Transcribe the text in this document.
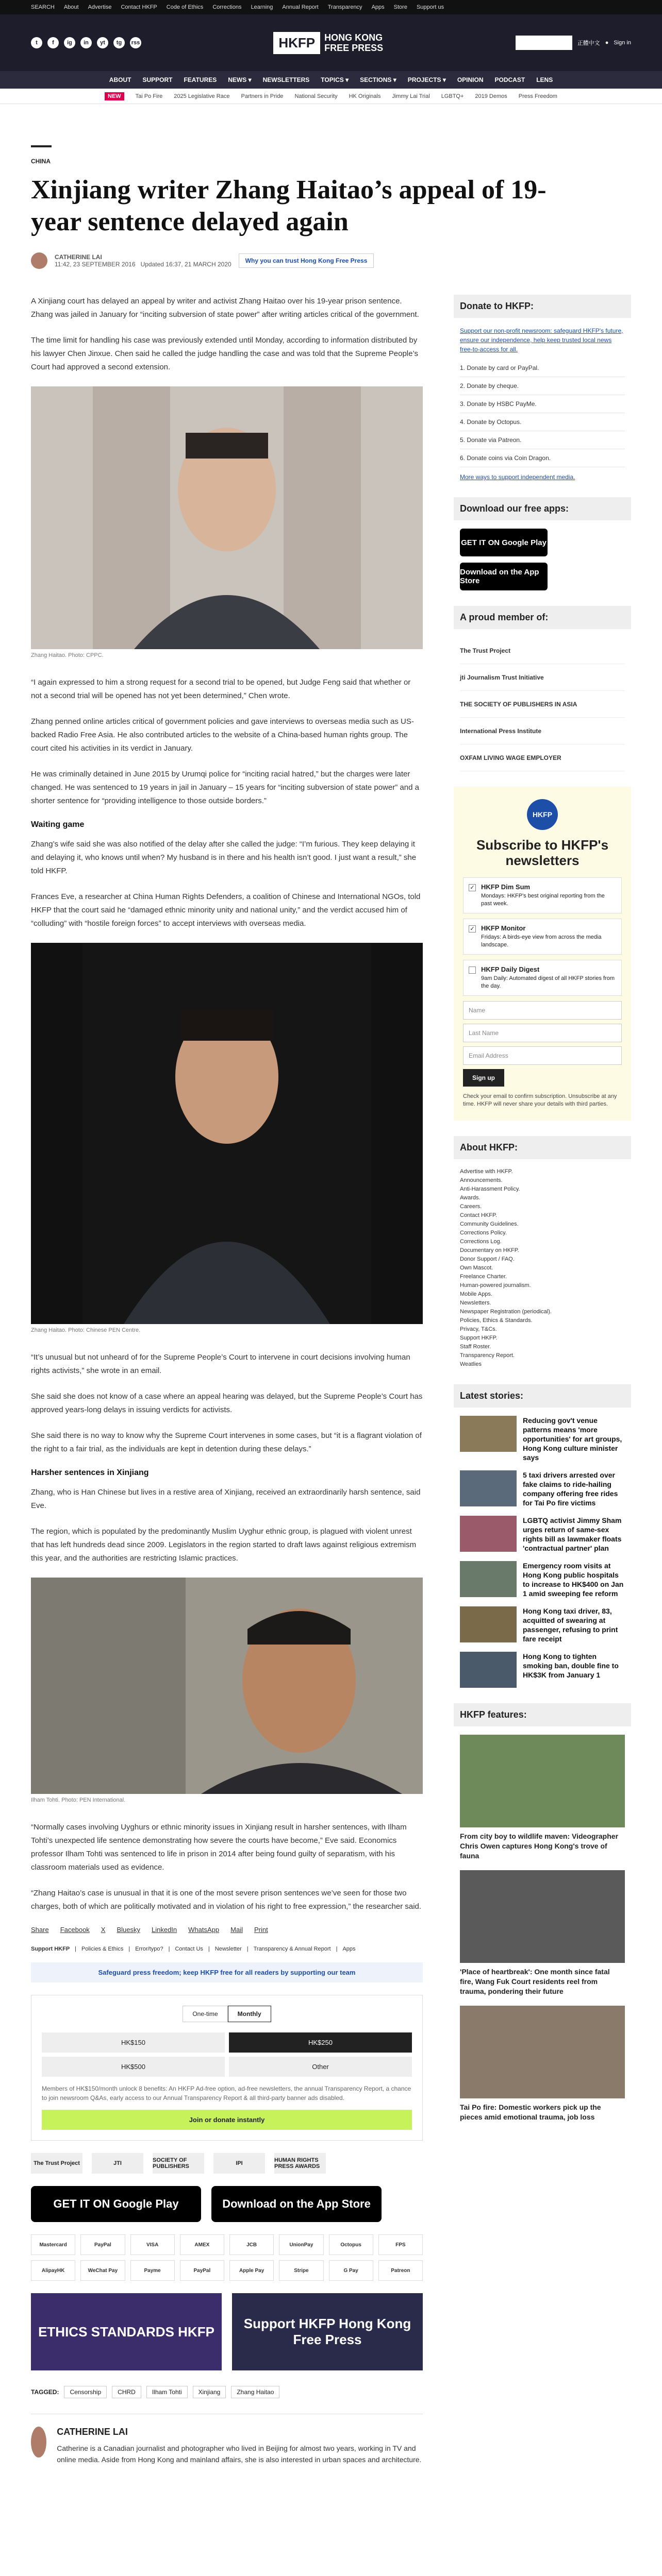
SEARCH About Advertise Contact HKFP Code of Ethics Corrections Learning Annual Report Transparency Apps Store Support us
t	f	ig	in	yt	tg	rss	HKFP	HONG KONG
FREE PRESS	SUPPORT HKFP	正體中文 ● Sign in
ABOUT SUPPORT FEATURES NEWS ▾ NEWSLETTERS TOPICS ▾ SECTIONS ▾ PROJECTS ▾ OPINION PODCAST LENS
NEW	Tai Po Fire 2025 Legislative Race Partners in Pride National Security HK Originals Jimmy Lai Trial LGBTQ+ 2019 Demos Press Freedom
CHINA
Xinjiang writer Zhang Haitao’s appeal of 19-year sentence delayed again
CATHERINE LAI
11:42, 23 SEPTEMBER 2016 Updated 16:37, 21 MARCH 2020	Why you can trust Hong Kong Free Press

A Xinjiang court has delayed an appeal by writer and activist Zhang Haitao over his 19-year prison sentence. Zhang was jailed in January for “inciting subversion of state power” after writing articles critical of the government.

The time limit for handling his case was previously extended until Monday, according to information distributed by his lawyer Chen Jinxue. Chen said he called the judge handling the case and was told that the Supreme People’s Court had approved a second extension.

Zhang Haitao. Photo: CPPC.

“I again expressed to him a strong request for a second trial to be opened, but Judge Feng said that whether or not a second trial will be opened has not yet been determined,” Chen wrote.

Zhang penned online articles critical of government policies and gave interviews to overseas media such as US-backed Radio Free Asia. He also contributed articles to the website of a China-based human rights group. The court cited his activities in its verdict in January.

He was criminally detained in June 2015 by Urumqi police for “inciting racial hatred,” but the charges were later changed. He was sentenced to 19 years in jail in January – 15 years for “inciting subversion of state power” and a shorter sentence for “providing intelligence to those outside borders.”

Waiting game

Zhang’s wife said she was also notified of the delay after she called the judge: “I’m furious. They keep delaying it and delaying it, who knows until when? My husband is in there and his health isn’t good. I just want a result,” she told HKFP.

Frances Eve, a researcher at China Human Rights Defenders, a coalition of Chinese and International NGOs, told HKFP that the court said he “damaged ethnic minority unity and national unity,” and the verdict accused him of “colluding” with “hostile foreign forces” to accept interviews with overseas media.

Zhang Haitao. Photo: Chinese PEN Centre.

“It’s unusual but not unheard of for the Supreme People’s Court to intervene in court decisions involving human rights activists,” she wrote in an email.

She said she does not know of a case where an appeal hearing was delayed, but the Supreme People’s Court has approved years-long delays in issuing verdicts for activists.

She said there is no way to know why the Supreme Court intervenes in some cases, but “it is a flagrant violation of the right to a fair trial, as the individuals are kept in detention during these delays.”

Harsher sentences in Xinjiang

Zhang, who is Han Chinese but lives in a restive area of Xinjiang, received an extraordinarily harsh sentence, said Eve.

The region, which is populated by the predominantly Muslim Uyghur ethnic group, is plagued with violent unrest that has left hundreds dead since 2009. Legislators in the region started to draft laws against religious extremism this year, and the authorities are restricting Islamic practices.

Ilham Tohti. Photo: PEN International.

“Normally cases involving Uyghurs or ethnic minority issues in Xinjiang result in harsher sentences, with Ilham Tohti’s unexpected life sentence demonstrating how severe the courts have become,” Eve said. Economics professor Ilham Tohti was sentenced to life in prison in 2014 after being found guilty of separatism, with his classroom materials used as evidence.

“Zhang Haitao’s case is unusual in that it is one of the most severe prison sentences we’ve seen for those two charges, both of which are politically motivated and in violation of his right to free expression,” the researcher said.

Share Facebook X Bluesky LinkedIn WhatsApp Mail Print
Support HKFP | Policies & Ethics | Error/typo? | Contact Us | Newsletter | Transparency & Annual Report | Apps
Safeguard press freedom; keep HKFP free for all readers by supporting our team
One-time	Monthly
HK$150	HK$250
HK$500	Other
Members of HK$150/month unlock 8 benefits: An HKFP Ad-free option, ad-free newsletters, the annual Transparency Report, a chance to join newsroom Q&As, early access to our Annual Transparency Report & all third-party banner ads disabled.
Join or donate instantly
The Trust Project	JTI	SOCIETY OF PUBLISHERS	IPI	HUMAN RIGHTS PRESS AWARDS
GET IT ON Google Play	Download on the App Store
Mastercard	PayPal	VISA	AMEX	JCB	UnionPay	Octopus	FPS
AlipayHK	WeChat Pay	Payme	PayPal	Apple Pay	Stripe	G Pay	Patreon
ETHICS STANDARDS HKFP
Support HKFP Hong Kong Free Press
TAGGED:	Censorship	CHRD	Ilham Tohti	Xinjiang	Zhang Haitao
CATHERINE LAI
Catherine is a Canadian journalist and photographer who lived in Beijing for almost two years, working in TV and online media. Aside from Hong Kong and mainland affairs, she is also interested in urban spaces and architecture.
Donate to HKFP:

Support our non-profit newsroom: safeguard HKFP's future, ensure our independence, help keep trusted local news free-to-access for all.

1. Donate by card or PayPal.

2. Donate by cheque.

3. Donate by HSBC PayMe.

4. Donate by Octopus.

5. Donate via Patreon.

6. Donate coins via Coin Dragon.

More ways to support independent media.

Download our free apps:
GET IT ON Google Play
Download on the App Store
A proud member of:
The Trust Project
jti Journalism Trust Initiative
THE SOCIETY OF PUBLISHERS IN ASIA
International Press Institute
OXFAM LIVING WAGE EMPLOYER
HKFP
Subscribe to HKFP's newsletters
✓ HKFP Dim Sum
Mondays: HKFP's best original reporting from the past week.
✓ HKFP Monitor
Fridays: A birds-eye view from across the media landscape.
HKFP Daily Digest
9am Daily: Automated digest of all HKFP stories from the day.
Name
Last Name
Email Address
Sign up
Check your email to confirm subscription. Unsubscribe at any time. HKFP will never share your details with third parties.
About HKFP:
Advertise with HKFP.
Announcements.
Anti-Harassment Policy.
Awards.
Careers.
Contact HKFP.
Community Guidelines.
Corrections Policy.
Corrections Log.
Documentary on HKFP.
Donor Support / FAQ.
Own Mascot.
Freelance Charter.
Human-powered journalism.
Mobile Apps.
Newsletters.
Newspaper Registration (periodical).
Policies, Ethics & Standards.
Privacy, T&Cs.
Support HKFP.
Staff Roster.
Transparency Report.
Weatlies
Latest stories:
Reducing gov't venue patterns means 'more opportunities' for art groups, Hong Kong culture minister says
5 taxi drivers arrested over fake claims to ride-hailing company offering free rides for Tai Po fire victims
LGBTQ activist Jimmy Sham urges return of same-sex rights bill as lawmaker floats 'contractual partner' plan
Emergency room visits at Hong Kong public hospitals to increase to HK$400 on Jan 1 amid sweeping fee reform
Hong Kong taxi driver, 83, acquitted of swearing at passenger, refusing to print fare receipt
Hong Kong to tighten smoking ban, double fine to HK$3K from January 1
HKFP features:
From city boy to wildlife maven: Videographer Chris Owen captures Hong Kong's trove of fauna
'Place of heartbreak': One month since fatal fire, Wang Fuk Court residents reel from trauma, pondering their future
Tai Po fire: Domestic workers pick up the pieces amid emotional trauma, job loss
